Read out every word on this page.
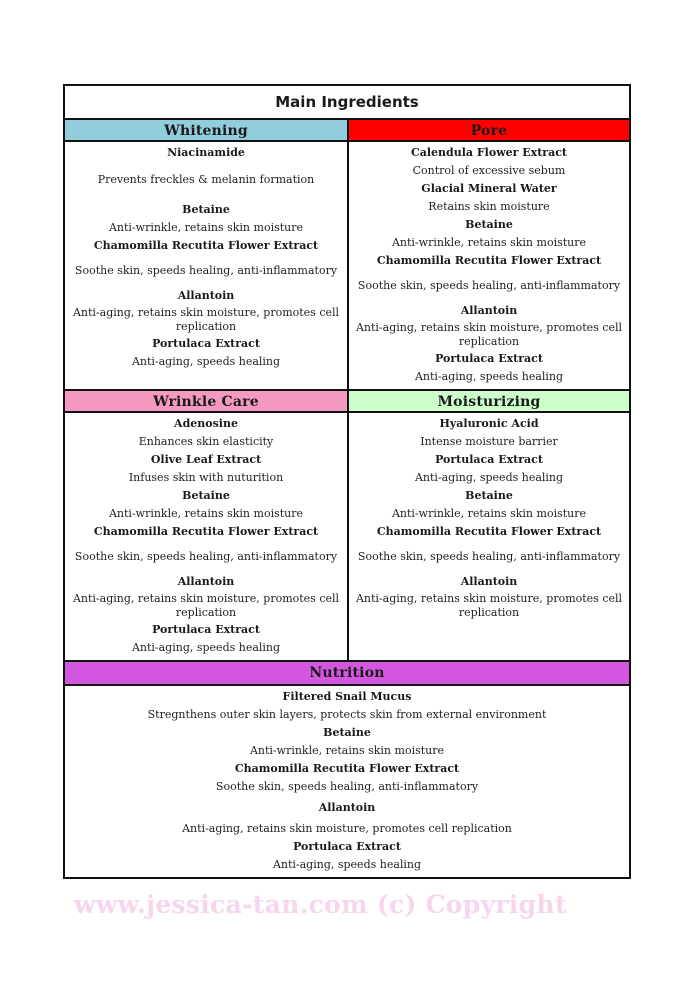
Main Ingredients
Whitening	Pore

Niacinamide

Prevents freckles & melanin formation

Betaine

Anti-wrinkle, retains skin moisture

Chamomilla Recutita Flower Extract

Soothe skin, speeds healing, anti-inflammatory

Allantoin

Anti-aging, retains skin moisture, promotes cell replication

Portulaca Extract

Anti-aging, speeds healing

Calendula Flower Extract

Control of excessive sebum

Glacial Mineral Water

Retains skin moisture

Betaine

Anti-wrinkle, retains skin moisture

Chamomilla Recutita Flower Extract

Soothe skin, speeds healing, anti-inflammatory

Allantoin

Anti-aging, retains skin moisture, promotes cell replication

Portulaca Extract

Anti-aging, speeds healing

Wrinkle Care	Moisturizing

Adenosine

Enhances skin elasticity

Olive Leaf Extract

Infuses skin with nuturition

Betaine

Anti-wrinkle, retains skin moisture

Chamomilla Recutita Flower Extract

Soothe skin, speeds healing, anti-inflammatory

Allantoin

Anti-aging, retains skin moisture, promotes cell replication

Portulaca Extract

Anti-aging, speeds healing

Hyaluronic Acid

Intense moisture barrier

Portulaca Extract

Anti-aging, speeds healing

Betaine

Anti-wrinkle, retains skin moisture

Chamomilla Recutita Flower Extract

Soothe skin, speeds healing, anti-inflammatory

Allantoin

Anti-aging, retains skin moisture, promotes cell replication

Nutrition

Filtered Snail Mucus

Stregnthens outer skin layers, protects skin from external environment

Betaine

Anti-wrinkle, retains skin moisture

Chamomilla Recutita Flower Extract

Soothe skin, speeds healing, anti-inflammatory

Allantoin

Anti-aging, retains skin moisture, promotes cell replication

Portulaca Extract

Anti-aging, speeds healing

www.jessica-tan.com (c) Copyright
